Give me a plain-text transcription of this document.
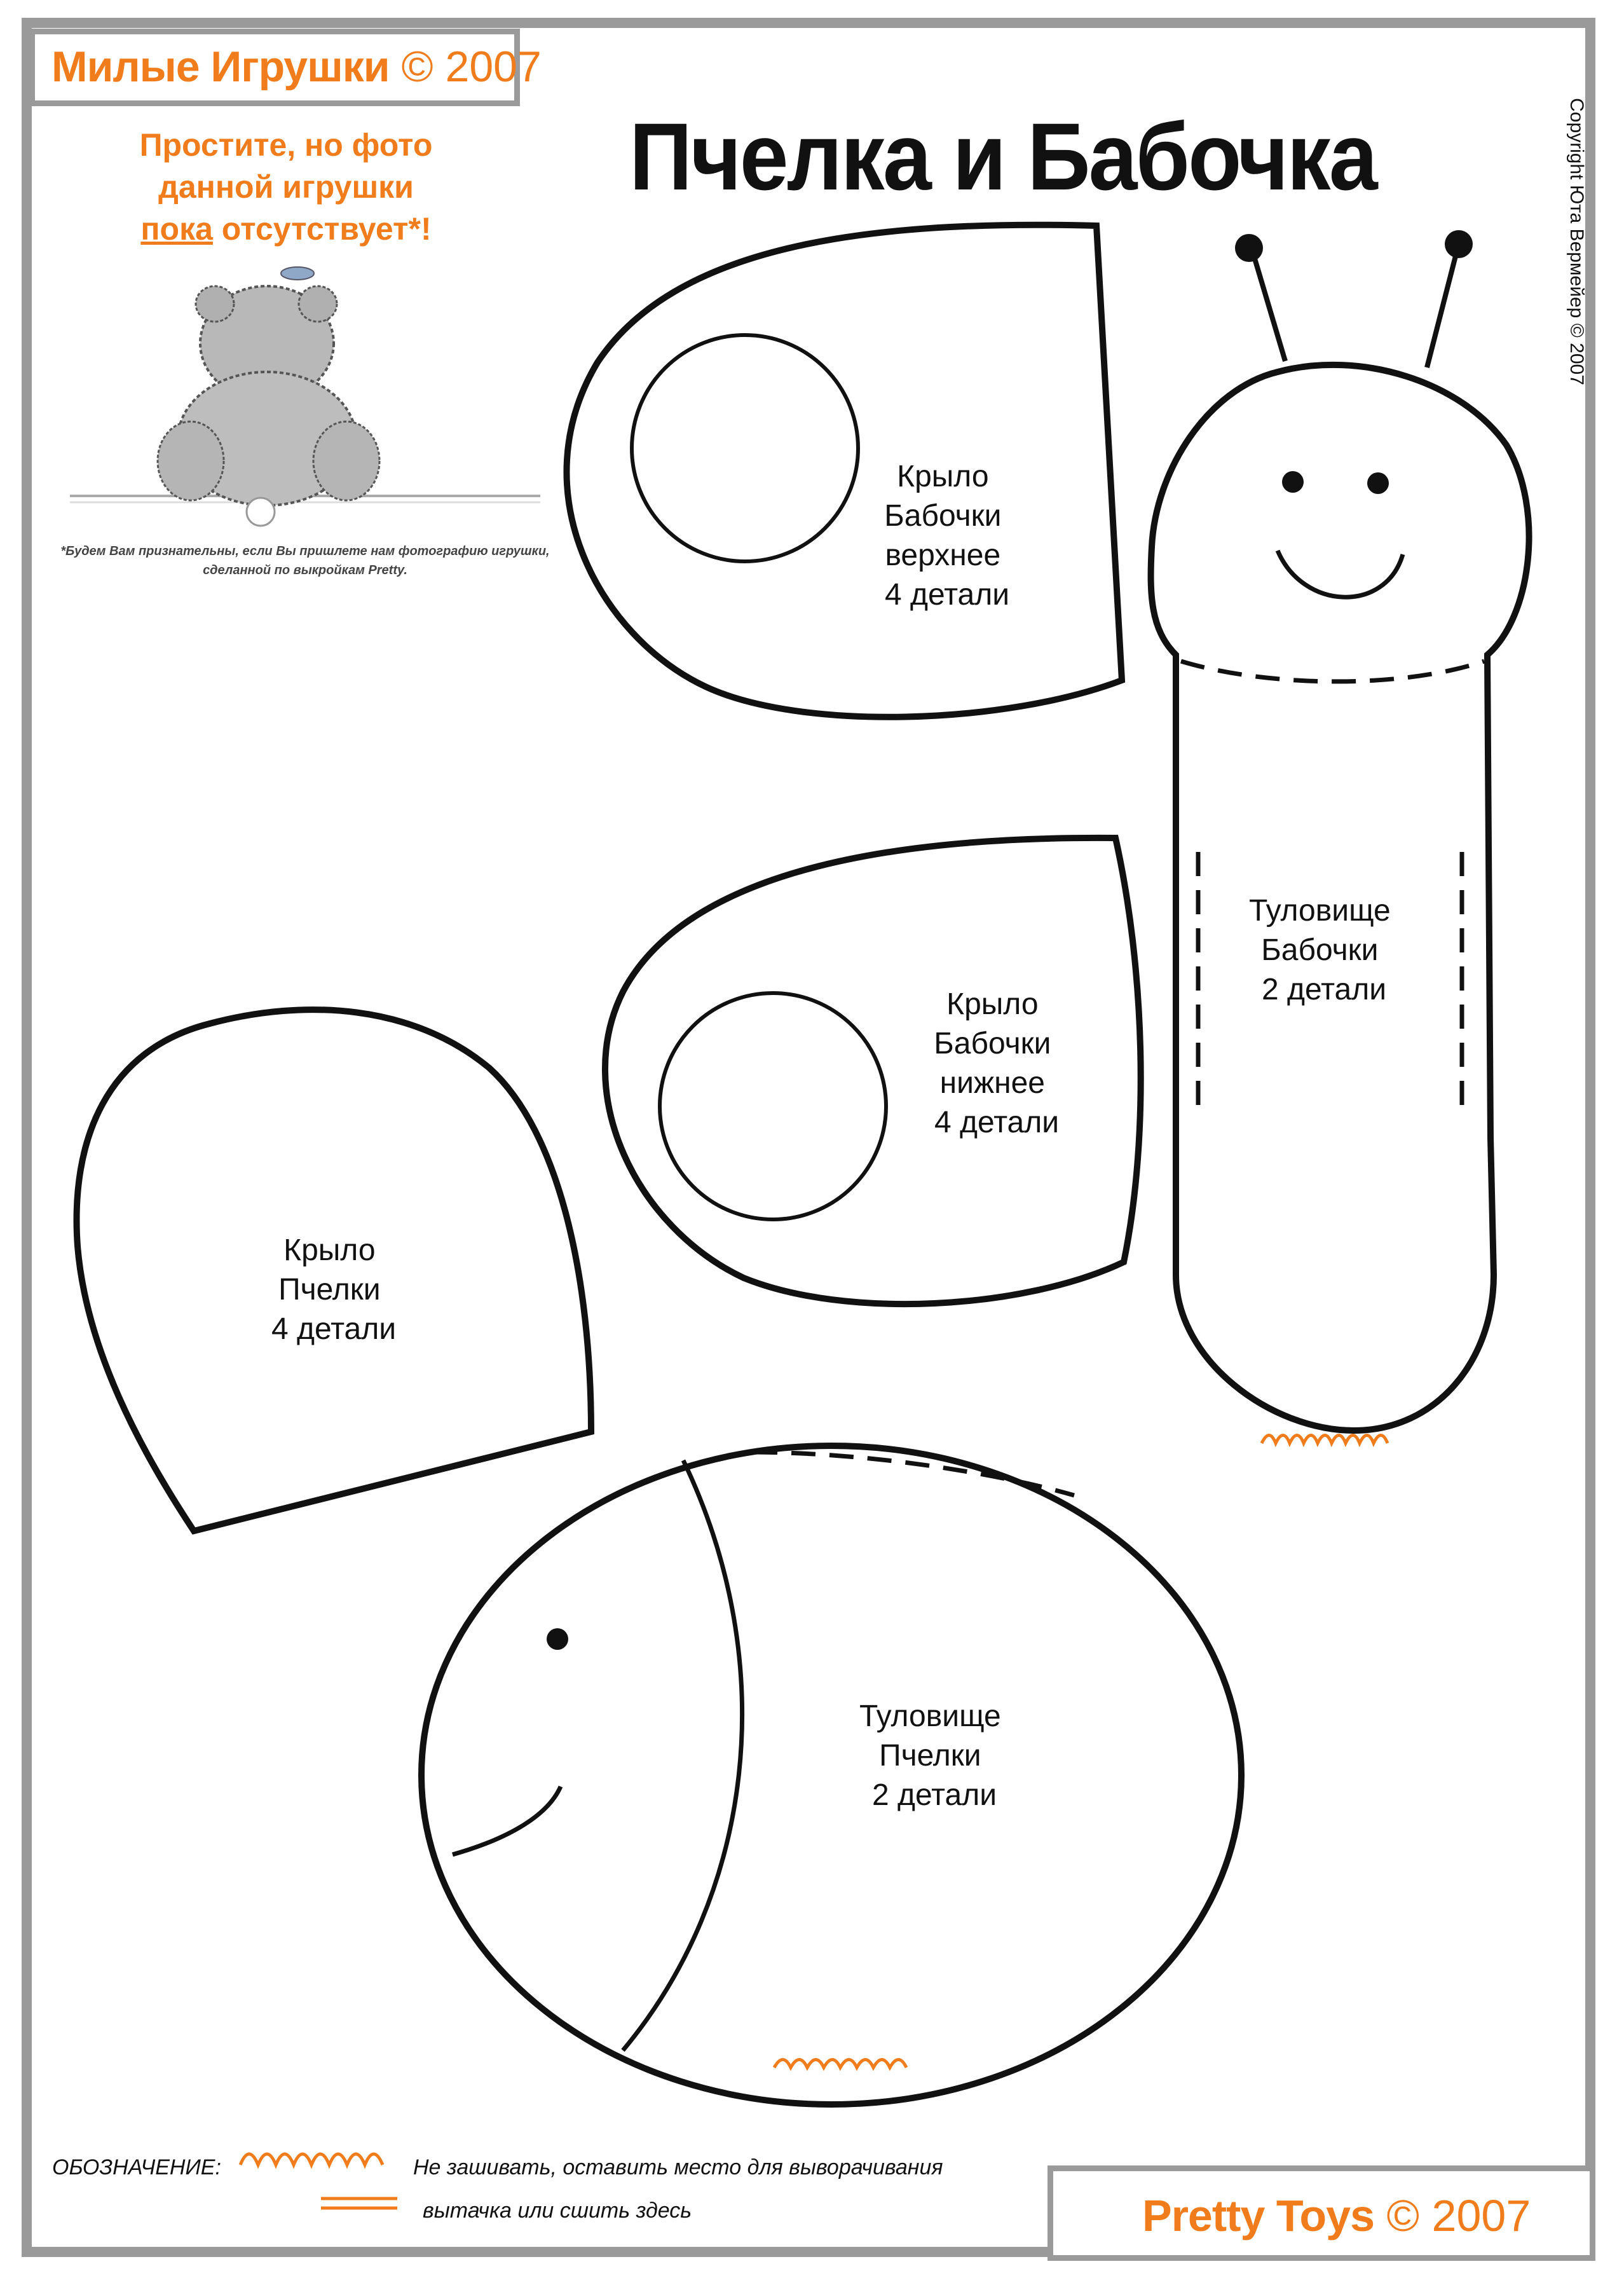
Милые Игрушки © 2007
Пчелка и Бабочка
Простите, но фото
данной игрушки
пока отсутствует*!
*Будем Вам признательны, если Вы пришлете нам фотографию игрушки,
сделанной по выкройкам Pretty.
Copyright Юта Вермейер © 2007
Крыло Бабочки верхнее 4 детали
Крыло Бабочки нижнее 4 детали
Крыло Пчелки 4 детали
Туловище Бабочки 2 детали
Туловище Пчелки 2 детали
ОБОЗНАЧЕНИЕ:	Не зашивать, оставить место для выворачивания
вытачка или сшить здесь	Pretty Toys © 2007
